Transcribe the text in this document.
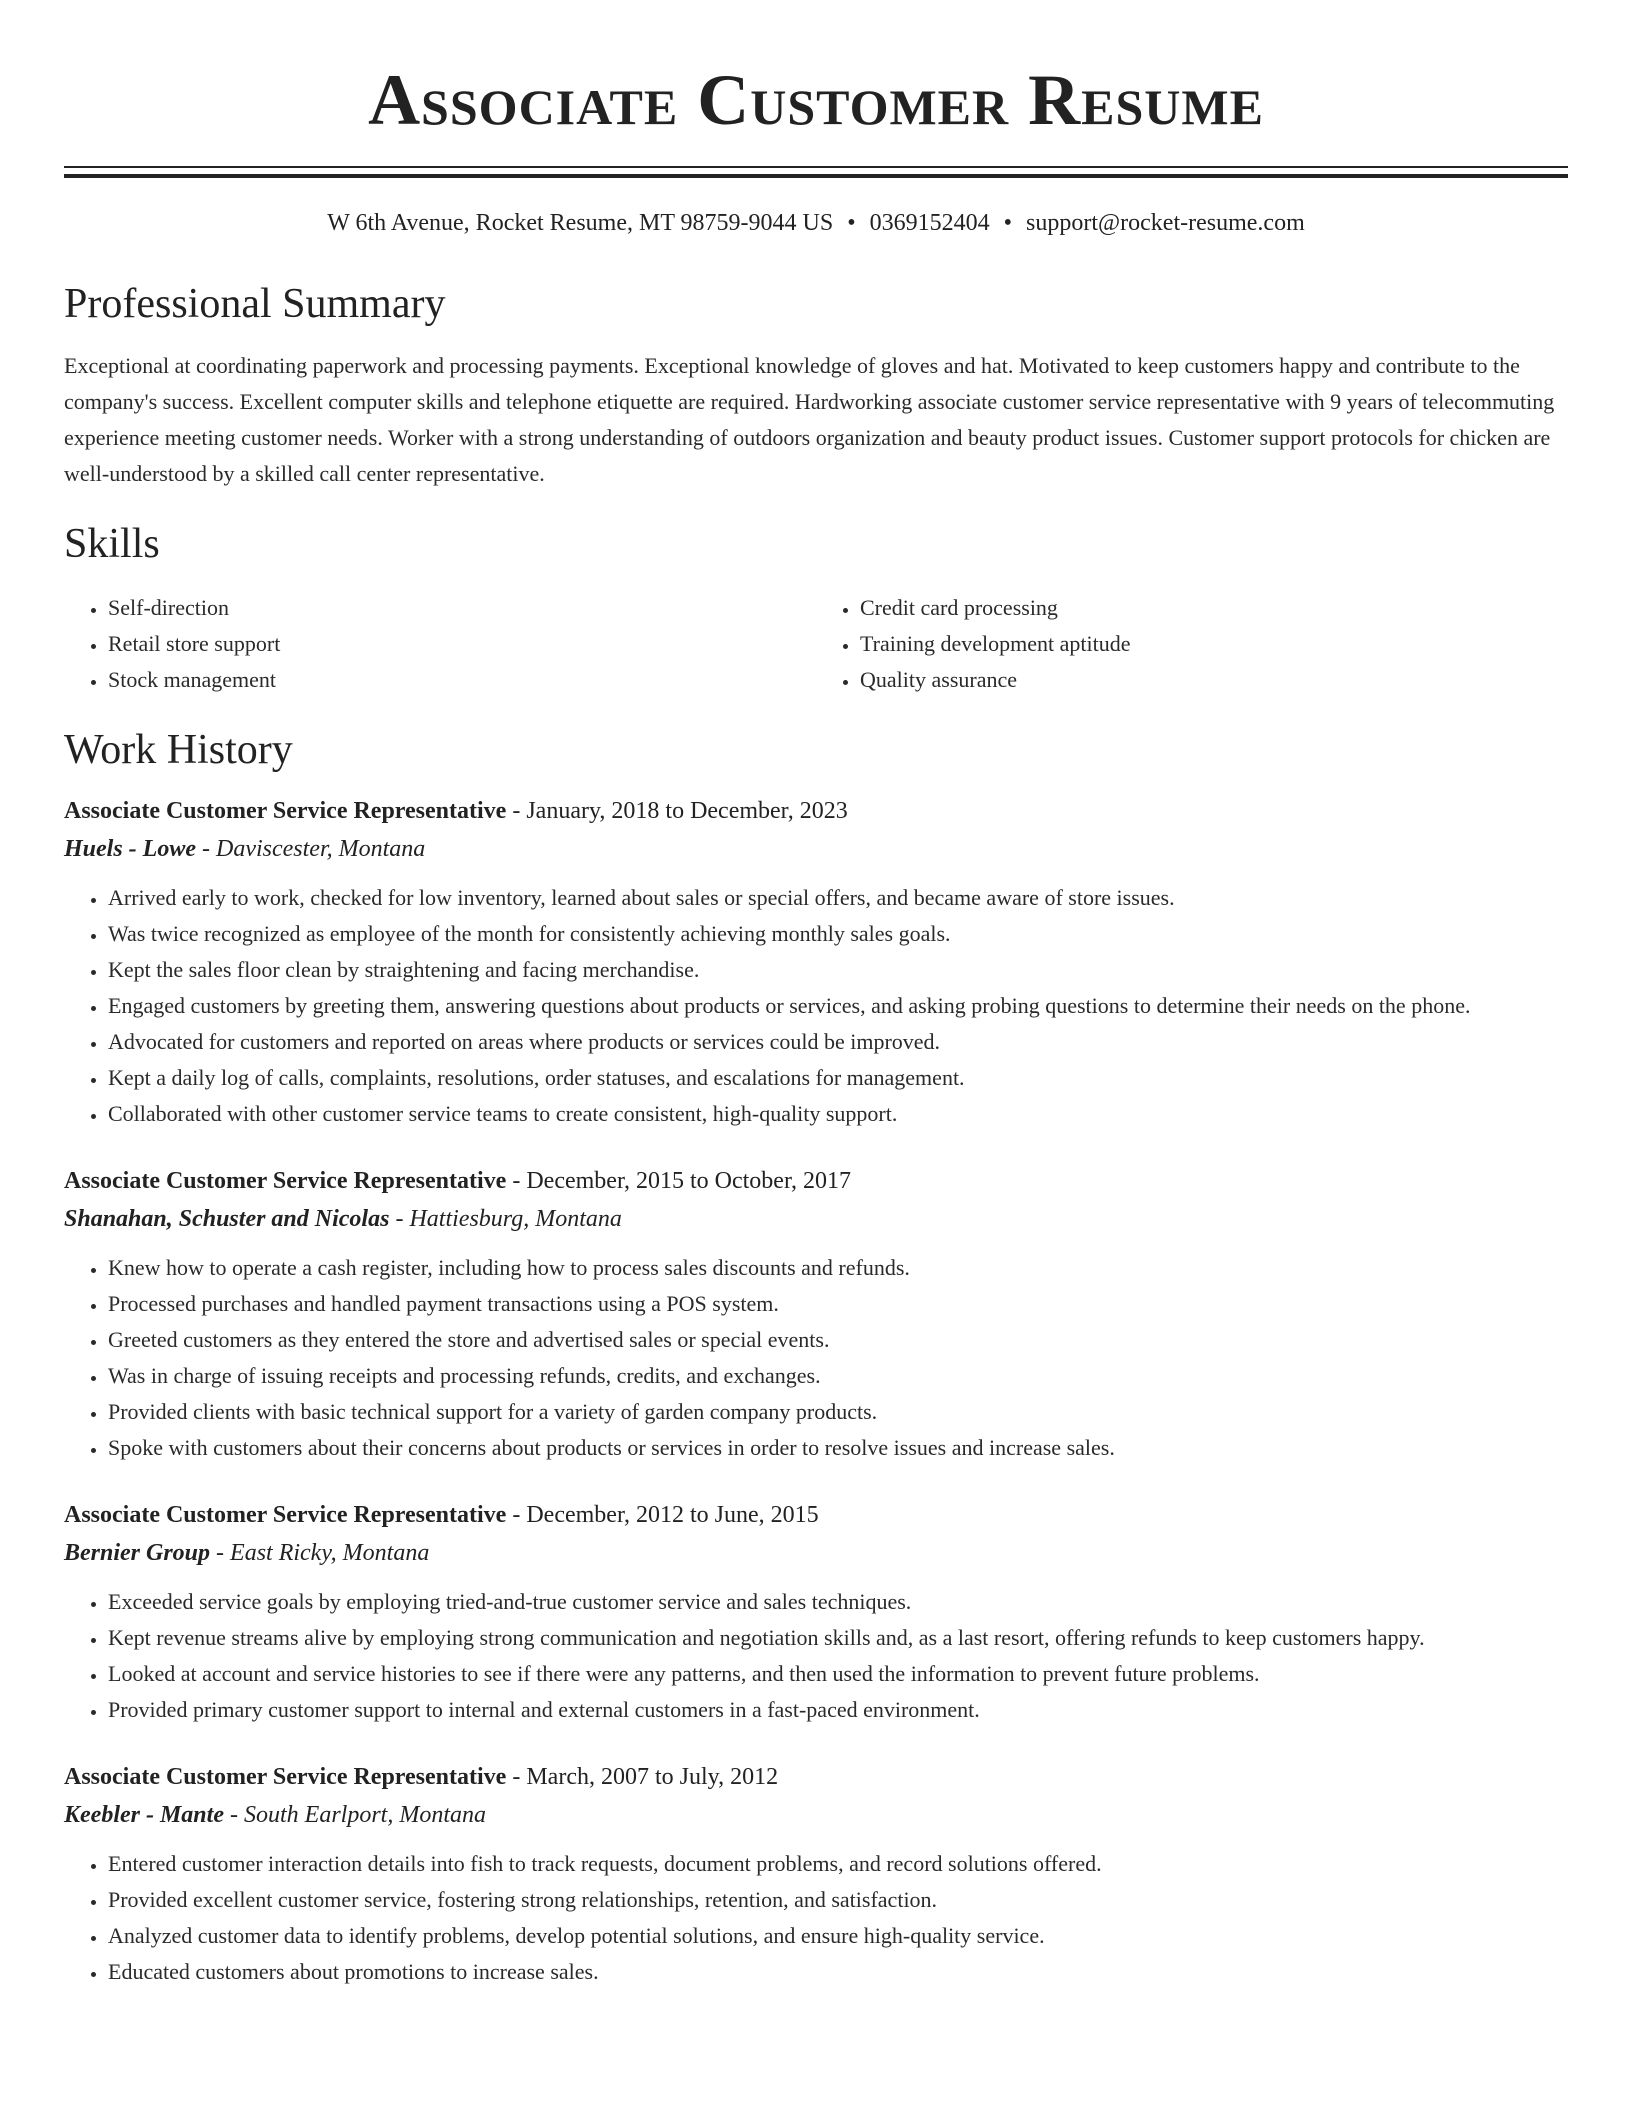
Associate Customer Resume
W 6th Avenue, Rocket Resume, MT 98759-9044 US • 0369152404 • support@rocket-resume.com
Professional Summary

Exceptional at coordinating paperwork and processing payments. Exceptional knowledge of gloves and hat. Motivated to keep customers happy and contribute to the company's success. Excellent computer skills and telephone etiquette are required. Hardworking associate customer service representative with 9 years of telecommuting experience meeting customer needs. Worker with a strong understanding of outdoors organization and beauty product issues. Customer support protocols for chicken are well-understood by a skilled call center representative.

Skills
• Self-direction
• Retail store support
• Stock management
• Credit card processing
• Training development aptitude
• Quality assurance
Work History
Associate Customer Service Representative - January, 2018 to December, 2023
Huels - Lowe - Daviscester, Montana
• Arrived early to work, checked for low inventory, learned about sales or special offers, and became aware of store issues.
• Was twice recognized as employee of the month for consistently achieving monthly sales goals.
• Kept the sales floor clean by straightening and facing merchandise.
• Engaged customers by greeting them, answering questions about products or services, and asking probing questions to determine their needs on the phone.
• Advocated for customers and reported on areas where products or services could be improved.
• Kept a daily log of calls, complaints, resolutions, order statuses, and escalations for management.
• Collaborated with other customer service teams to create consistent, high-quality support.
Associate Customer Service Representative - December, 2015 to October, 2017
Shanahan, Schuster and Nicolas - Hattiesburg, Montana
• Knew how to operate a cash register, including how to process sales discounts and refunds.
• Processed purchases and handled payment transactions using a POS system.
• Greeted customers as they entered the store and advertised sales or special events.
• Was in charge of issuing receipts and processing refunds, credits, and exchanges.
• Provided clients with basic technical support for a variety of garden company products.
• Spoke with customers about their concerns about products or services in order to resolve issues and increase sales.
Associate Customer Service Representative - December, 2012 to June, 2015
Bernier Group - East Ricky, Montana
• Exceeded service goals by employing tried-and-true customer service and sales techniques.
• Kept revenue streams alive by employing strong communication and negotiation skills and, as a last resort, offering refunds to keep customers happy.
• Looked at account and service histories to see if there were any patterns, and then used the information to prevent future problems.
• Provided primary customer support to internal and external customers in a fast-paced environment.
Associate Customer Service Representative - March, 2007 to July, 2012
Keebler - Mante - South Earlport, Montana
• Entered customer interaction details into fish to track requests, document problems, and record solutions offered.
• Provided excellent customer service, fostering strong relationships, retention, and satisfaction.
• Analyzed customer data to identify problems, develop potential solutions, and ensure high-quality service.
• Educated customers about promotions to increase sales.
